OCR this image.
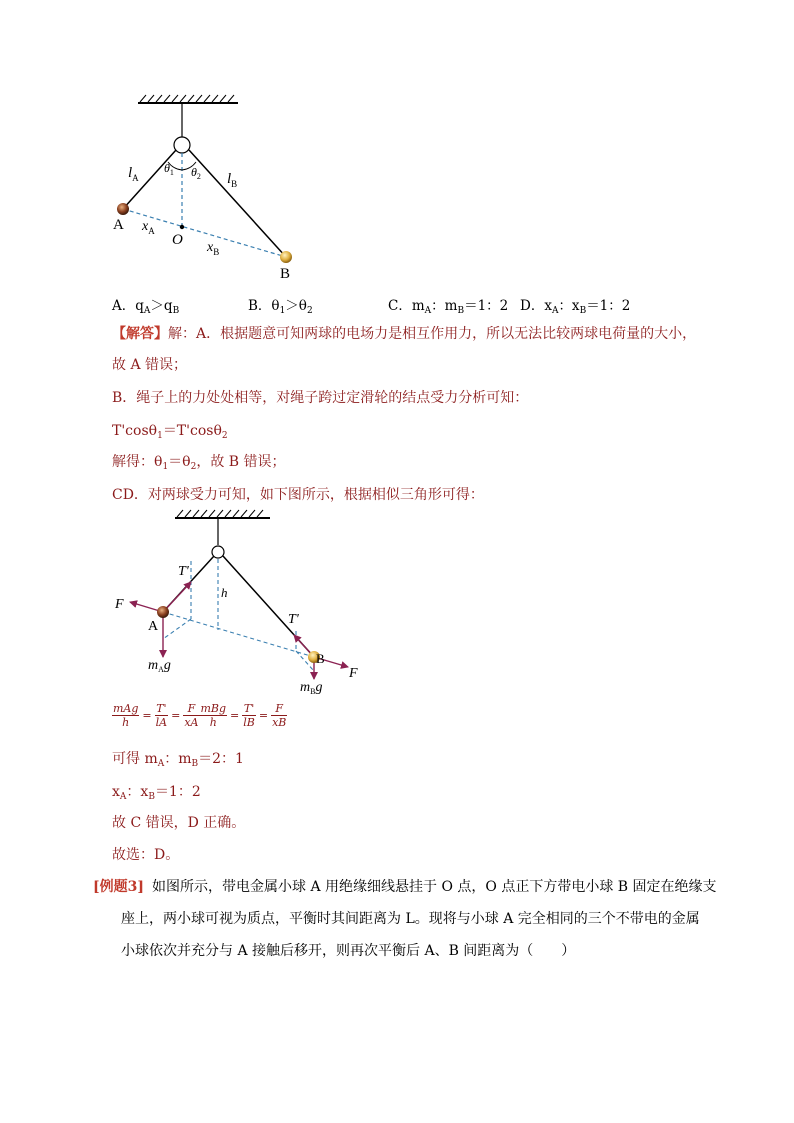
$l_A$	$l_B$
$\theta_1$ $\theta_2$
A $x_A$
O $x_B$
B
A．$q_A>q_B$	B．$\theta_1>\theta_2$	C．$m_A$：$m_B=1$：2 D．$x_A$：$x_B=1$：2
【解答】解：A．根据题意可知两球的电场力是相互作用力，所以无法比较两球电荷量的大小，
故 A 错误；
B．绳子上的力处处相等，对绳子跨过定滑轮的结点受力分析可知：
T'cosθ$_1$＝T'cosθ$_2$
解得：$\theta_1=\theta_2$，故 B 错误；
CD．对两球受力可知，如下图所示，根据相似三角形可得：
T'
F
A
h
$m_Ag$
T'
B
F
$m_Bg$
$\frac{\text{mAg}}{h} = \frac{T'}{lA} = \frac{F}{xA} \frac{\text{mBg}}{h} = \frac{T'}{lB} = \frac{F}{xB}$
可得 $m_A$：$m_B=2$：1
$x_A$：$x_B=1$：2
故 C 错误，D 正确。
故选：D。
[例题3] 如图所示，带电金属小球 A 用绝缘细线悬挂于 O 点，O 点正下方带电小球 B 固定在绝缘支
座上，两小球可视为质点，平衡时其间距离为 L。现将与小球 A 完全相同的三个不带电的金属
小球依次并充分与 A 接触后移开，则再次平衡后 A、B 间距离为（　　）
